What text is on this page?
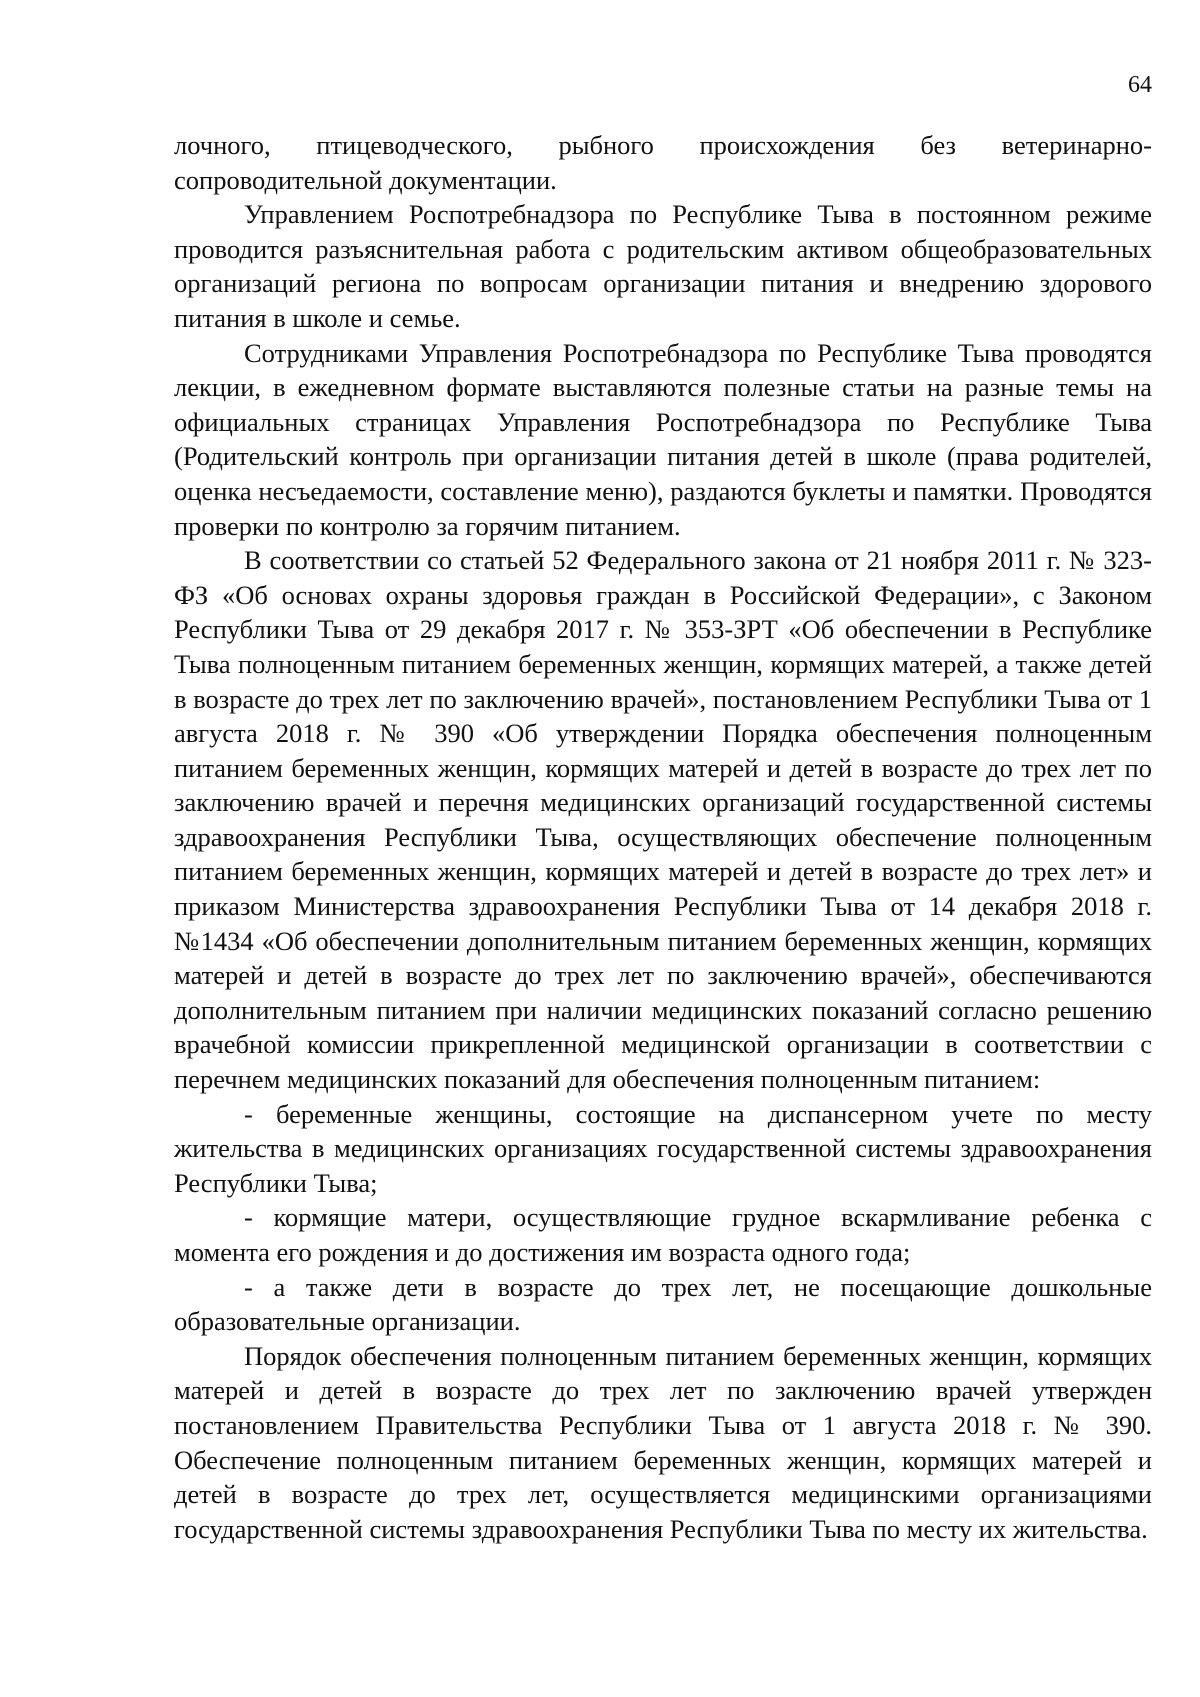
64

лочного, птицеводческого, рыбного происхождения без ветеринарно-сопроводительной документации.

Управлением Роспотребнадзора по Республике Тыва в постоянном режиме проводится разъяснительная работа с родительским активом общеобразовательных организаций региона по вопросам организации питания и внедрению здорового питания в школе и семье.

Сотрудниками Управления Роспотребнадзора по Республике Тыва проводятся лекции, в ежедневном формате выставляются полезные статьи на разные темы на официальных страницах Управления Роспотребнадзора по Республике Тыва (Родительский контроль при организации питания детей в школе (права родителей, оценка несъедаемости, составление меню), раздаются буклеты и памятки. Проводятся проверки по контролю за горячим питанием.

В соответствии со статьей 52 Федерального закона от 21 ноября 2011 г. № 323-ФЗ «Об основах охраны здоровья граждан в Российской Федерации», с Законом Республики Тыва от 29 декабря 2017 г. № 353-ЗРТ «Об обеспечении в Республике Тыва полноценным питанием беременных женщин, кормящих матерей, а также детей в возрасте до трех лет по заключению врачей», постановлением Республики Тыва от 1 августа 2018 г. № 390 «Об утверждении Порядка обеспечения полноценным питанием беременных женщин, кормящих матерей и детей в возрасте до трех лет по заключению врачей и перечня медицинских организаций государственной системы здравоохранения Республики Тыва, осуществляющих обеспечение полноценным питанием беременных женщин, кормящих матерей и детей в возрасте до трех лет» и приказом Министерства здравоохранения Республики Тыва от 14 декабря 2018 г. №1434 «Об обеспечении дополнительным питанием беременных женщин, кормящих матерей и детей в возрасте до трех лет по заключению врачей», обеспечиваются дополнительным питанием при наличии медицинских показаний согласно решению врачебной комиссии прикрепленной медицинской организации в соответствии с перечнем медицинских показаний для обеспечения полноценным питанием:

- беременные женщины, состоящие на диспансерном учете по месту жительства в медицинских организациях государственной системы здравоохранения Республики Тыва;

- кормящие матери, осуществляющие грудное вскармливание ребенка с момента его рождения и до достижения им возраста одного года;

- а также дети в возрасте до трех лет, не посещающие дошкольные образовательные организации.

Порядок обеспечения полноценным питанием беременных женщин, кормящих матерей и детей в возрасте до трех лет по заключению врачей утвержден постановлением Правительства Республики Тыва от 1 августа 2018 г. № 390. Обеспечение полноценным питанием беременных женщин, кормящих матерей и детей в возрасте до трех лет, осуществляется медицинскими организациями государственной системы здравоохранения Республики Тыва по месту их жительства.
